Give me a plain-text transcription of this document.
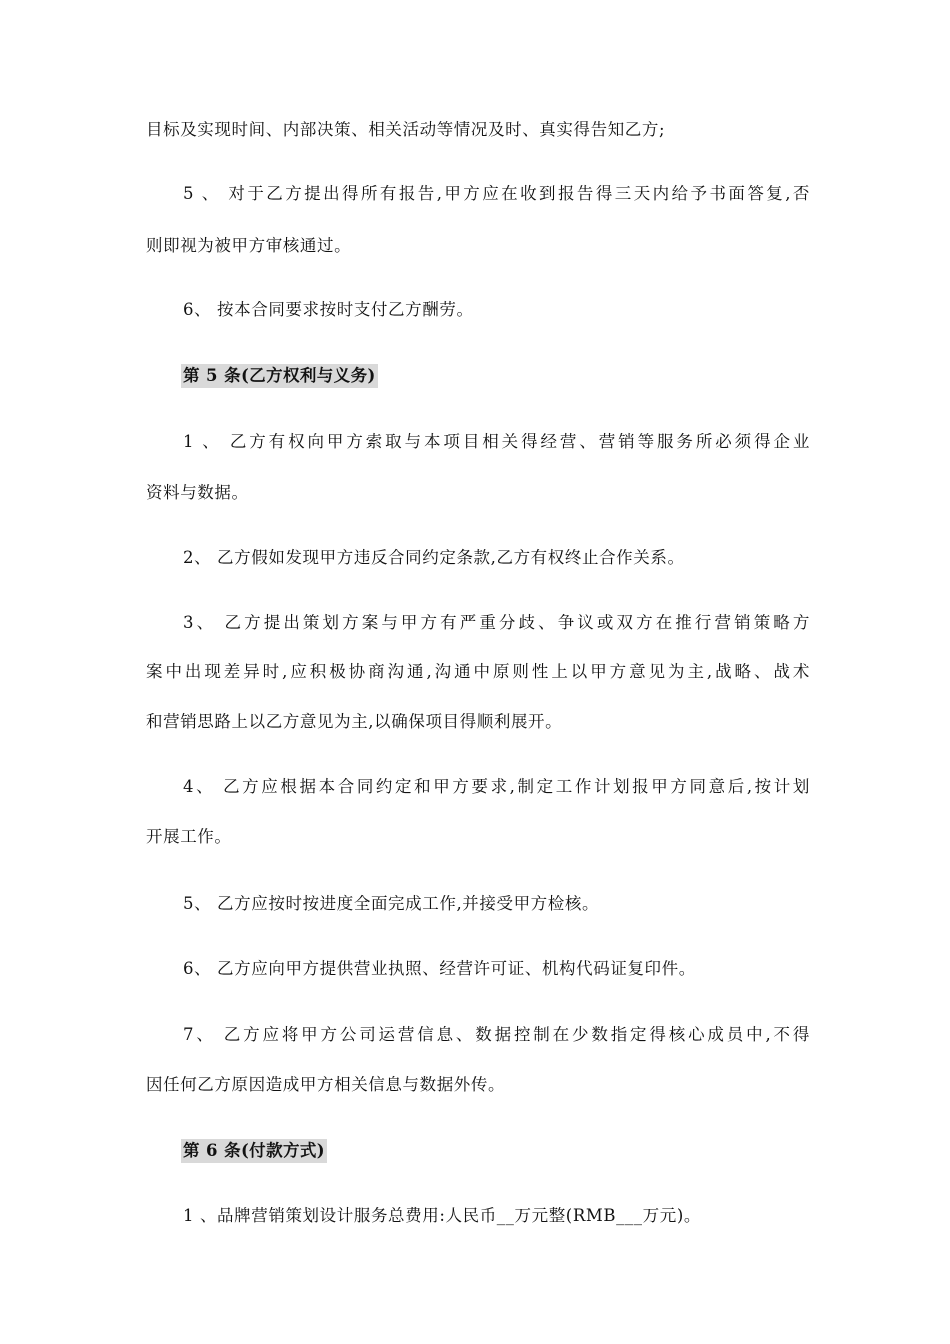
目标及实现时间、内部决策、相关活动等情况及时、真实得告知乙方;
5 、 对于乙方提出得所有报告,甲方应在收到报告得三天内给予书面答复,否
则即视为被甲方审核通过。
6、 按本合同要求按时支付乙方酬劳。
第 5 条(乙方权利与义务)
1 、 乙方有权向甲方索取与本项目相关得经营、营销等服务所必须得企业
资料与数据。
2、 乙方假如发现甲方违反合同约定条款,乙方有权终止合作关系。
3、 乙方提出策划方案与甲方有严重分歧、争议或双方在推行营销策略方
案中出现差异时,应积极协商沟通,沟通中原则性上以甲方意见为主,战略、战术
和营销思路上以乙方意见为主,以确保项目得顺利展开。
4、 乙方应根据本合同约定和甲方要求,制定工作计划报甲方同意后,按计划
开展工作。
5、 乙方应按时按进度全面完成工作,并接受甲方检核。
6、 乙方应向甲方提供营业执照、经营许可证、机构代码证复印件。
7、 乙方应将甲方公司运营信息、数据控制在少数指定得核心成员中,不得
因任何乙方原因造成甲方相关信息与数据外传。
第 6 条(付款方式)
1 、品牌营销策划设计服务总费用:人民币__万元整(RMB___万元)。
